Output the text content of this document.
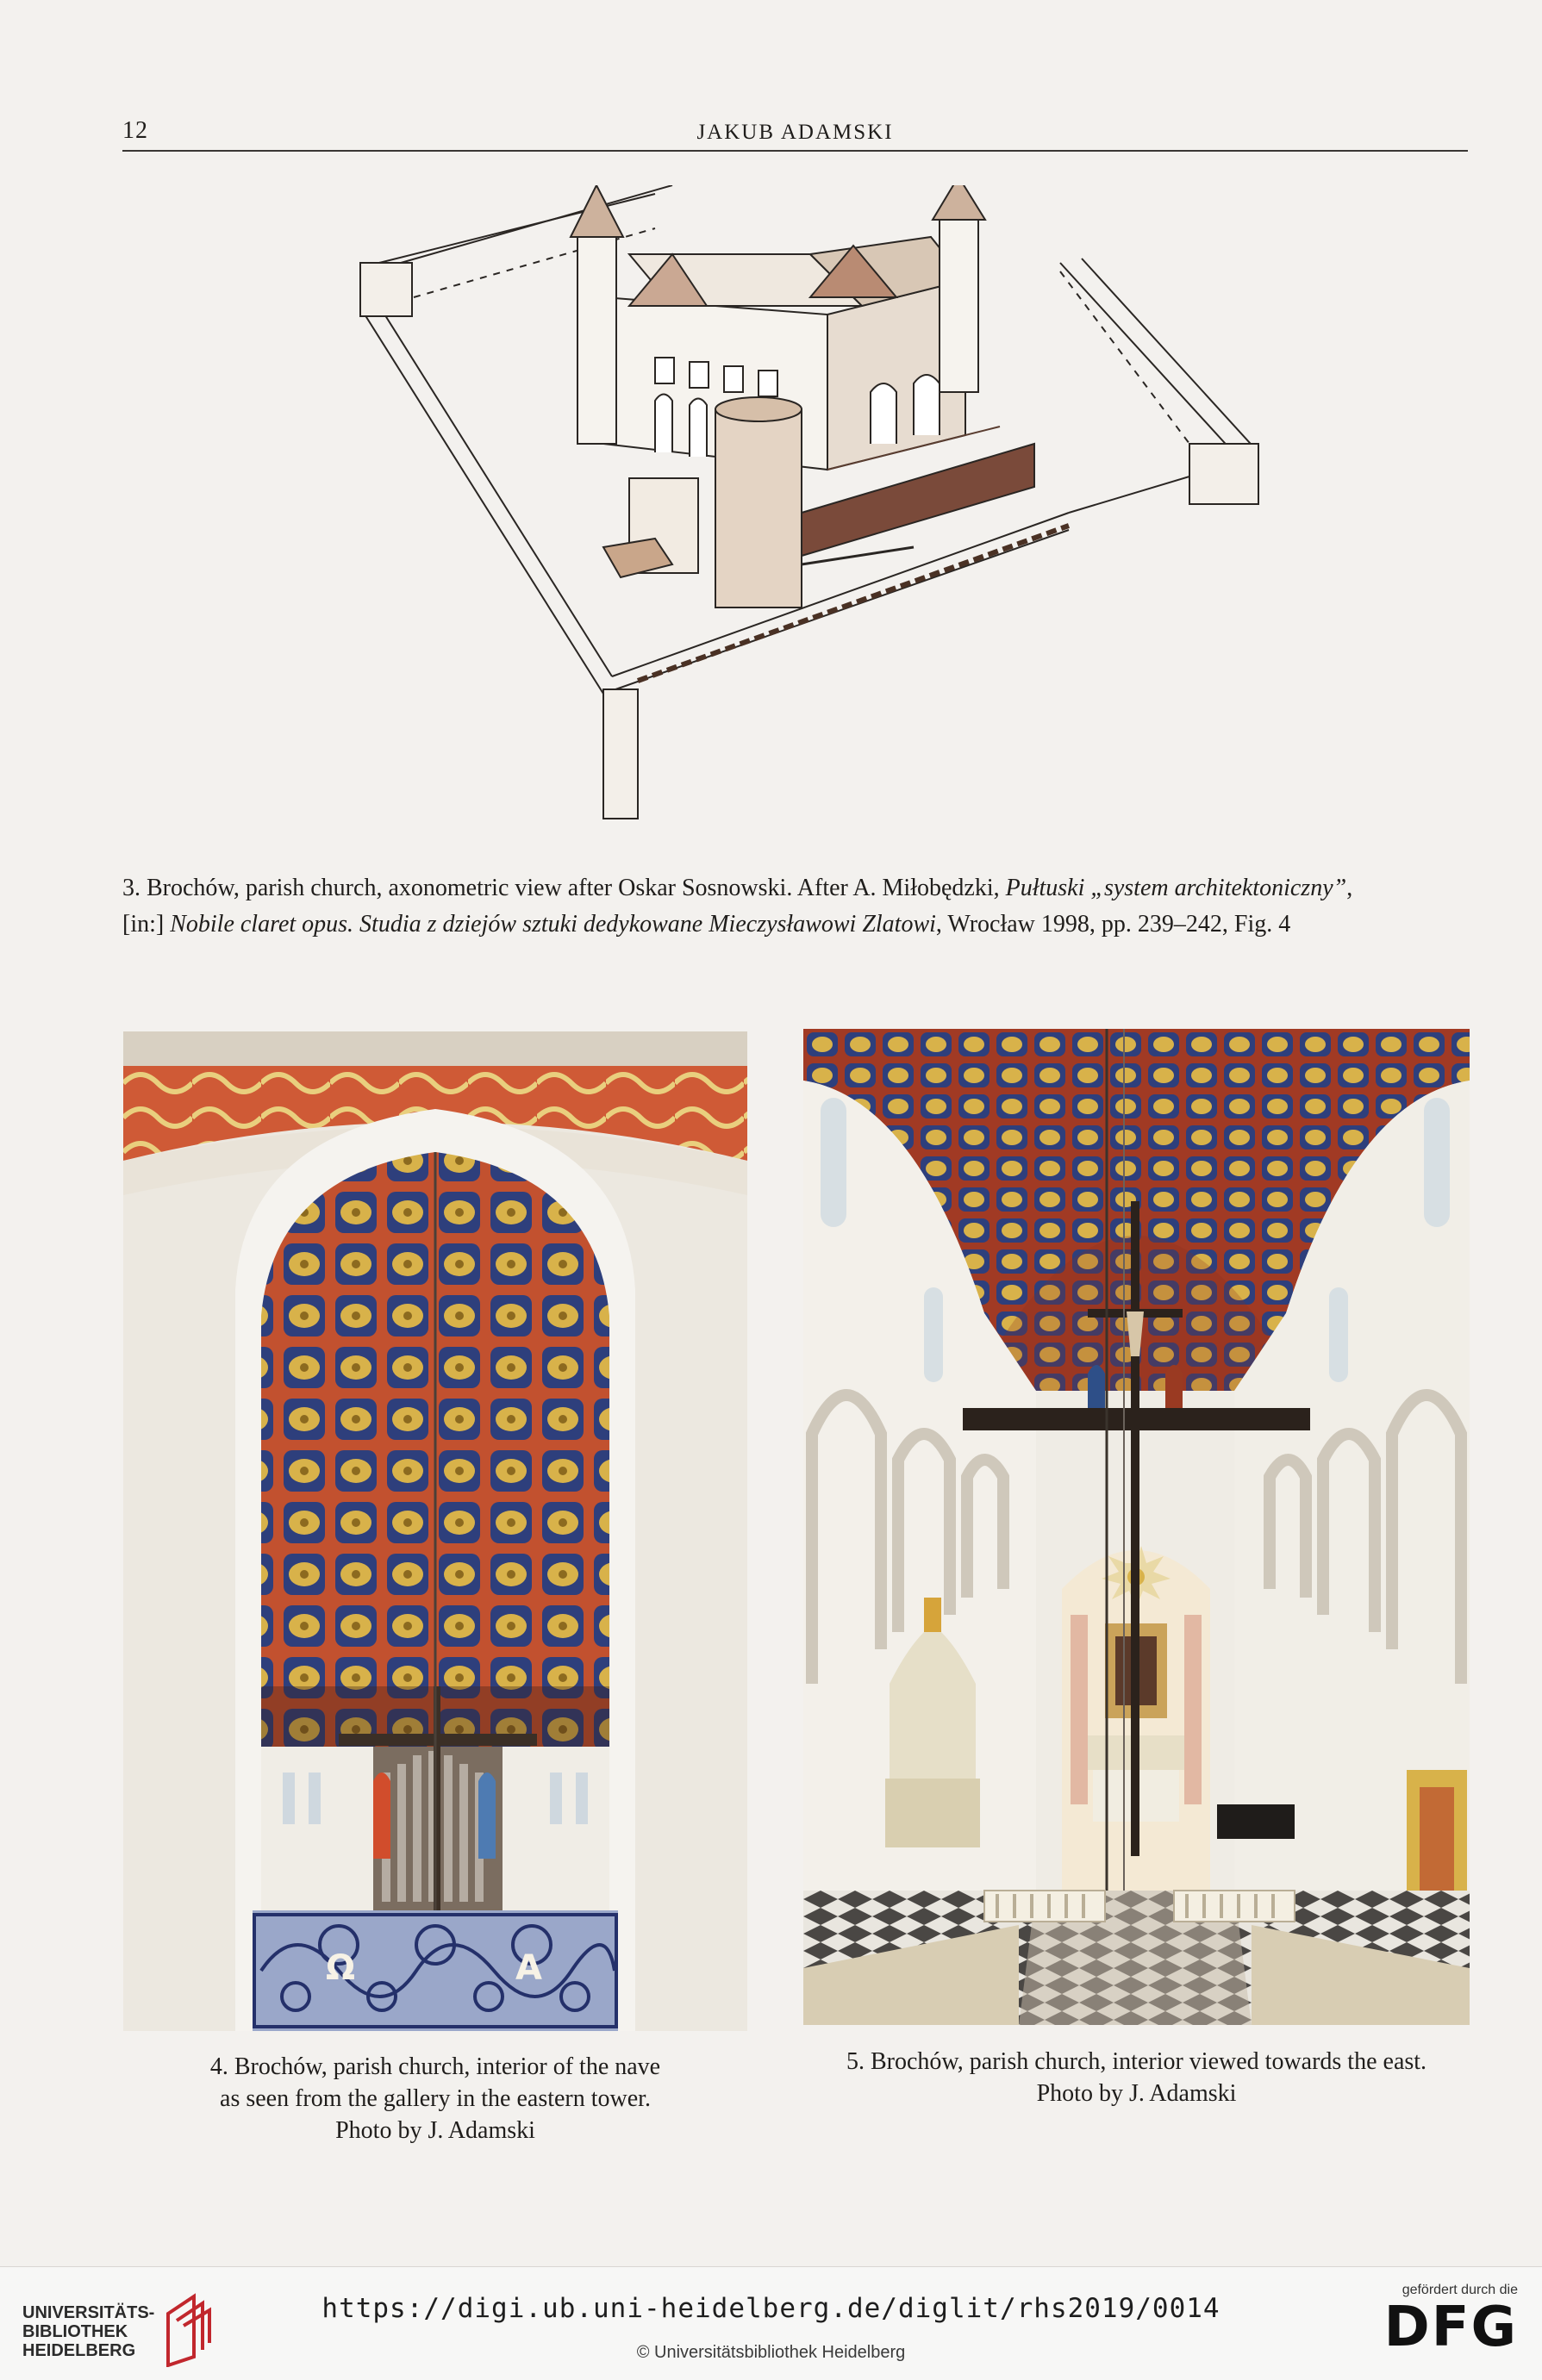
12	JAKUB ADAMSKI
3. Brochów, parish church, axonometric view after Oskar Sosnowski. After A. Miłobędzki, Pułtuski „system architektoniczny”,
[in:] Nobile claret opus. Studia z dziejów sztuki dedykowane Mieczysławowi Zlatowi, Wrocław 1998, pp. 239–242, Fig. 4
Ω	A
4. Brochów, parish church, interior of the nave
as seen from the gallery in the eastern tower.
Photo by J. Adamski
5. Brochów, parish church, interior viewed towards the east.
Photo by J. Adamski
UNIVERSITÄTS-
BIBLIOTHEK
HEIDELBERG
https://digi.ub.uni-heidelberg.de/diglit/rhs2019/0014
© Universitätsbibliothek Heidelberg
gefördert durch die
DFG
